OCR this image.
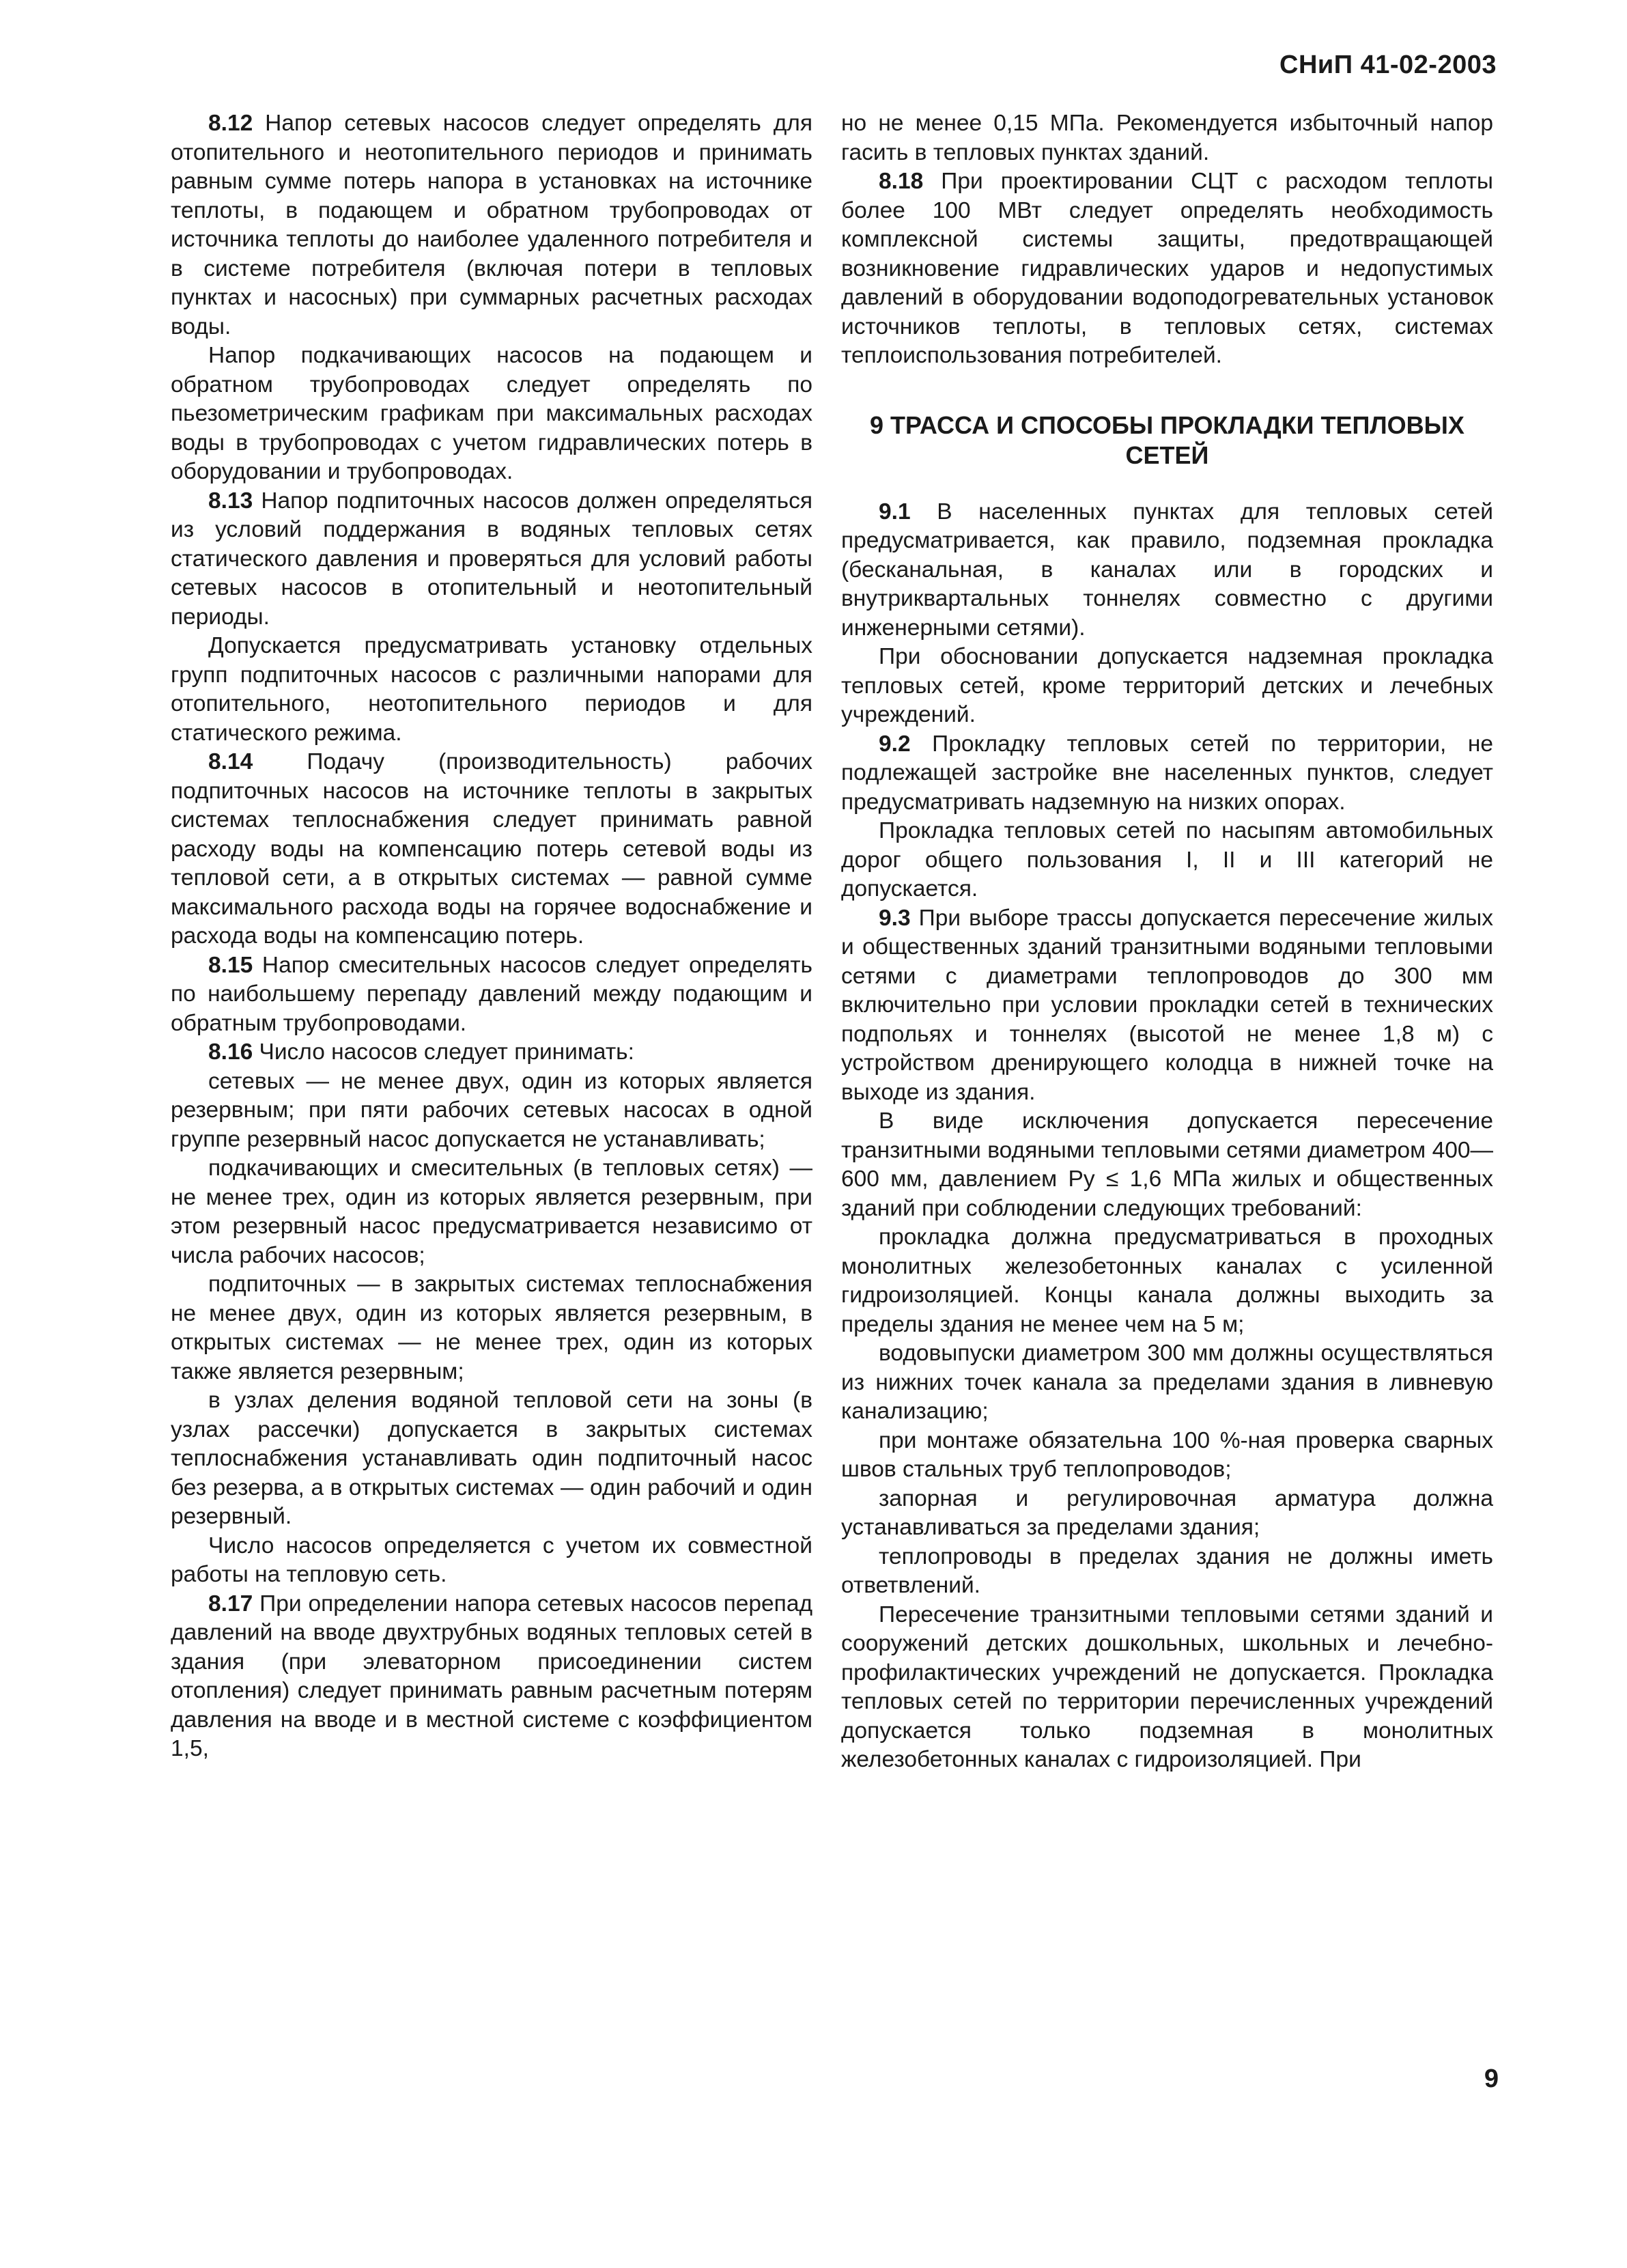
СНиП 41-02-2003

8.12 Напор сетевых насосов следует определять для отопительного и неотопительного периодов и принимать равным сумме потерь напора в установках на источнике теплоты, в подающем и обратном трубопроводах от источника теплоты до наиболее удаленного потребителя и в системе потребителя (включая потери в тепловых пунктах и насосных) при суммарных расчетных расходах воды.

Напор подкачивающих насосов на подающем и обратном трубопроводах следует определять по пьезометрическим графикам при максимальных расходах воды в трубопроводах с учетом гидравлических потерь в оборудовании и трубопроводах.

8.13 Напор подпиточных насосов должен определяться из условий поддержания в водяных тепловых сетях статического давления и проверяться для условий работы сетевых насосов в отопительный и неотопительный периоды.

Допускается предусматривать установку отдельных групп подпиточных насосов с различными напорами для отопительного, неотопительного периодов и для статического режима.

8.14 Подачу (производительность) рабочих подпиточных насосов на источнике теплоты в закрытых системах теплоснабжения следует принимать равной расходу воды на компенсацию потерь сетевой воды из тепловой сети, а в открытых системах — равной сумме максимального расхода воды на горячее водоснабжение и расхода воды на компенсацию потерь.

8.15 Напор смесительных насосов следует определять по наибольшему перепаду давлений между подающим и обратным трубопроводами.

8.16 Число насосов следует принимать:

сетевых — не менее двух, один из которых является резервным; при пяти рабочих сетевых насосах в одной группе резервный насос допускается не устанавливать;

подкачивающих и смесительных (в тепловых сетях) — не менее трех, один из которых является резервным, при этом резервный насос предусматривается независимо от числа рабочих насосов;

подпиточных — в закрытых системах теплоснабжения не менее двух, один из которых является резервным, в открытых системах — не менее трех, один из которых также является резервным;

в узлах деления водяной тепловой сети на зоны (в узлах рассечки) допускается в закрытых системах теплоснабжения устанавливать один подпиточный насос без резерва, а в открытых системах — один рабочий и один резервный.

Число насосов определяется с учетом их совместной работы на тепловую сеть.

8.17 При определении напора сетевых насосов перепад давлений на вводе двухтрубных водяных тепловых сетей в здания (при элеваторном присоединении систем отопления) следует принимать равным расчетным потерям давления на вводе и в местной системе с коэффициентом 1,5,

но не менее 0,15 МПа. Рекомендуется избыточный напор гасить в тепловых пунктах зданий.

8.18 При проектировании СЦТ с расходом теплоты более 100 МВт следует определять необходимость комплексной системы защиты, предотвращающей возникновение гидравлических ударов и недопустимых давлений в оборудовании водоподогревательных установок источников теплоты, в тепловых сетях, системах теплоиспользования потребителей.

9 ТРАССА И СПОСОБЫ ПРОКЛАДКИ ТЕПЛОВЫХ СЕТЕЙ

9.1 В населенных пунктах для тепловых сетей предусматривается, как правило, подземная прокладка (бесканальная, в каналах или в городских и внутриквартальных тоннелях совместно с другими инженерными сетями).

При обосновании допускается надземная прокладка тепловых сетей, кроме территорий детских и лечебных учреждений.

9.2 Прокладку тепловых сетей по территории, не подлежащей застройке вне населенных пунктов, следует предусматривать надземную на низких опорах.

Прокладка тепловых сетей по насыпям автомобильных дорог общего пользования I, II и III категорий не допускается.

9.3 При выборе трассы допускается пересечение жилых и общественных зданий транзитными водяными тепловыми сетями с диаметрами теплопроводов до 300 мм включительно при условии прокладки сетей в технических подпольях и тоннелях (высотой не менее 1,8 м) с устройством дренирующего колодца в нижней точке на выходе из здания.

В виде исключения допускается пересечение транзитными водяными тепловыми сетями диаметром 400—600 мм, давлением Pу ≤ 1,6 МПа жилых и общественных зданий при соблюдении следующих требований:

прокладка должна предусматриваться в проходных монолитных железобетонных каналах с усиленной гидроизоляцией. Концы канала должны выходить за пределы здания не менее чем на 5 м;

водовыпуски диаметром 300 мм должны осуществляться из нижних точек канала за пределами здания в ливневую канализацию;

при монтаже обязательна 100 %-ная проверка сварных швов стальных труб теплопроводов;

запорная и регулировочная арматура должна устанавливаться за пределами здания;

теплопроводы в пределах здания не должны иметь ответвлений.

Пересечение транзитными тепловыми сетями зданий и сооружений детских дошкольных, школьных и лечебно-профилактических учреждений не допускается. Прокладка тепловых сетей по территории перечисленных учреждений допускается только подземная в монолитных железобетонных каналах с гидроизоляцией. При

9
